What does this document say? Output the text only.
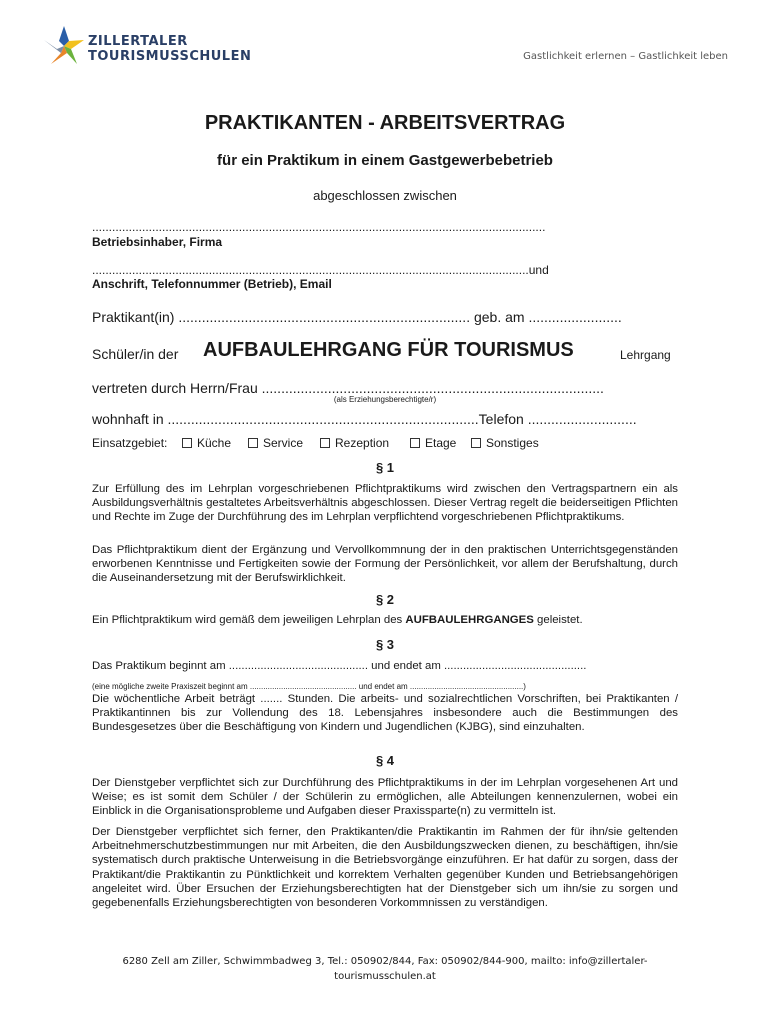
ZILLERTALER
TOURISMUSSCHULEN	Gastlichkeit erlernen – Gastlichkeit leben
PRAKTIKANTEN - ARBEITSVERTRAG
für ein Praktikum in einem Gastgewerbebetrieb
abgeschlossen zwischen
........................................................................................................................................
Betriebsinhaber, Firma
...................................................................................................................................und
Anschrift, Telefonnummer (Betrieb), Email
Praktikant(in) ........................................................................... geb. am ........................
Schüler/in der AUFBAULEHRGANG FÜR TOURISMUS	Lehrgang
vertreten durch Herrn/Frau ........................................................................................
(als Erziehungsberechtigte/r)
wohnhaft in ................................................................................Telefon ............................
Einsatzgebiet:	Küche	Service	Rezeption	Etage	Sonstiges
§ 1
Zur Erfüllung des im Lehrplan vorgeschriebenen Pflichtpraktikums wird zwischen den Vertragspartnern ein als Ausbildungsverhältnis gestaltetes Arbeitsverhältnis abgeschlossen. Dieser Vertrag regelt die beiderseitigen Pflichten und Rechte im Zuge der Durchführung des im Lehrplan verpflichtend vorgeschriebenen Pflichtpraktikums.
Das Pflichtpraktikum dient der Ergänzung und Vervollkommnung der in den praktischen Unterrichtsgegenständen erworbenen Kenntnisse und Fertigkeiten sowie der Formung der Persönlichkeit, vor allem der Berufshaltung, durch die Auseinandersetzung mit der Berufswirklichkeit.
§ 2
Ein Pflichtpraktikum wird gemäß dem jeweiligen Lehrplan des AUFBAULEHRGANGES geleistet.
§ 3
Das Praktikum beginnt am ............................................ und endet am .............................................
(eine mögliche zweite Praxiszeit beginnt am ................................................ und endet am ...................................................)
Die wöchentliche Arbeit beträgt ....... Stunden. Die arbeits- und sozialrechtlichen Vorschriften, bei Praktikanten / Praktikantinnen bis zur Vollendung des 18. Lebensjahres insbesondere auch die Bestimmungen des Bundesgesetzes über die Beschäftigung von Kindern und Jugendlichen (KJBG), sind einzuhalten.
§ 4
Der Dienstgeber verpflichtet sich zur Durchführung des Pflichtpraktikums in der im Lehrplan vorgesehenen Art und Weise; es ist somit dem Schüler / der Schülerin zu ermöglichen, alle Abteilungen kennenzulernen, wobei ein Einblick in die Organisationsprobleme und Aufgaben dieser Praxissparte(n) zu vermitteln ist.
Der Dienstgeber verpflichtet sich ferner, den Praktikanten/die Praktikantin im Rahmen der für ihn/sie geltenden Arbeitnehmerschutzbestimmungen nur mit Arbeiten, die den Ausbildungszwecken dienen, zu beschäftigen, ihn/sie systematisch durch praktische Unterweisung in die Betriebsvorgänge einzuführen. Er hat dafür zu sorgen, dass der Praktikant/die Praktikantin zu Pünktlichkeit und korrektem Verhalten gegenüber Kunden und Betriebsangehörigen angeleitet wird. Über Ersuchen der Erziehungsberechtigten hat der Dienstgeber sich um ihn/sie zu sorgen und gegebenenfalls Erziehungsberechtigten von besonderen Vorkommnissen zu verständigen.
6280 Zell am Ziller, Schwimmbadweg 3, Tel.: 050902/844, Fax: 050902/844-900, mailto: info@zillertaler-
tourismusschulen.at
